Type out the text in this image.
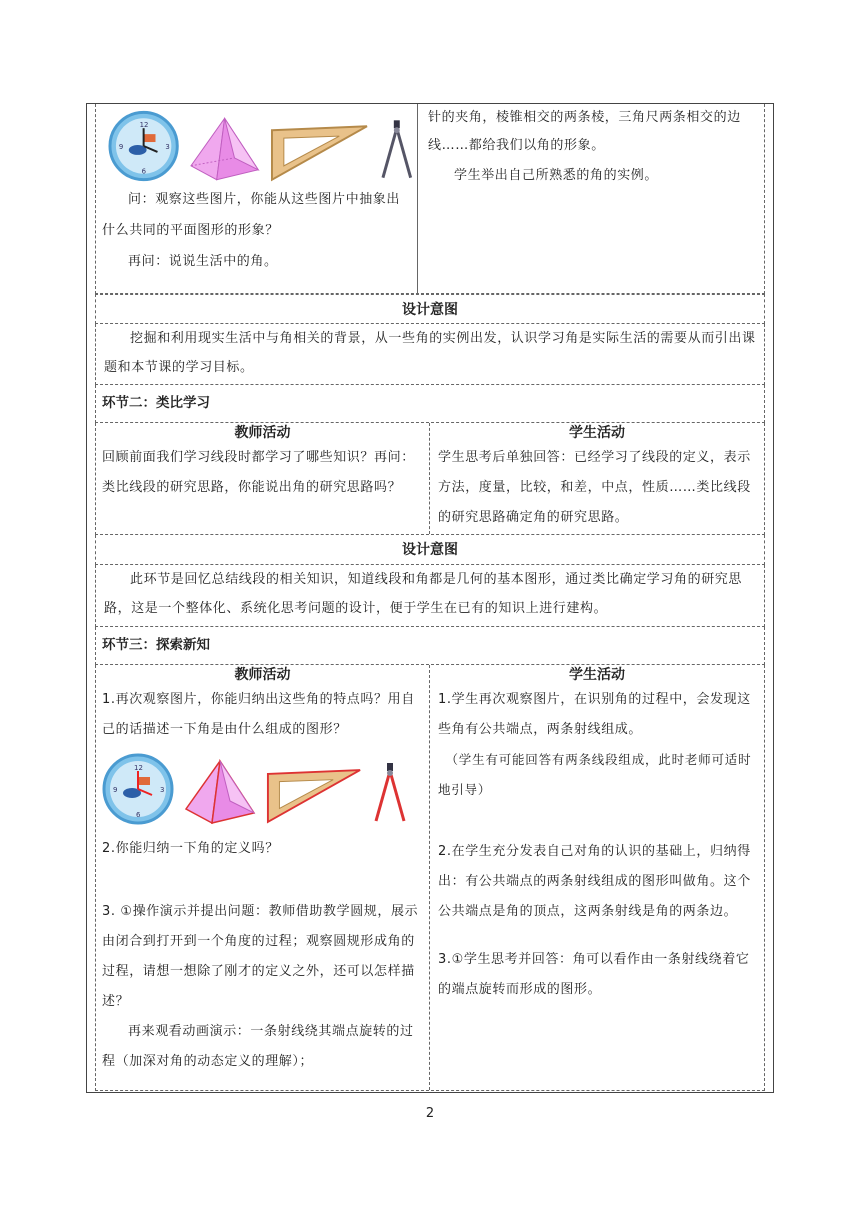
12
3
6
9
问：观察这些图片，你能从这些图片中抽象出什么共同的平面图形的形象？
再问：说说生活中的角。
针的夹角，棱锥相交的两条棱，三角尺两条相交的边线……都给我们以角的形象。
学生举出自己所熟悉的角的实例。
设计意图
挖掘和利用现实生活中与角相关的背景，从一些角的实例出发，认识学习角是实际生活的需要从而引出课题和本节课的学习目标。
环节二：类比学习
教师活动
回顾前面我们学习线段时都学习了哪些知识？再问：类比线段的研究思路，你能说出角的研究思路吗？
学生活动
学生思考后单独回答：已经学习了线段的定义，表示方法，度量，比较，和差，中点，性质……类比线段的研究思路确定角的研究思路。
设计意图
此环节是回忆总结线段的相关知识，知道线段和角都是几何的基本图形，通过类比确定学习角的研究思路，这是一个整体化、系统化思考问题的设计，便于学生在已有的知识上进行建构。
环节三：探索新知
教师活动
1.再次观察图片，你能归纳出这些角的特点吗？用自己的话描述一下角是由什么组成的图形？
12
3
6
9
2.你能归纳一下角的定义吗？
3. ①操作演示并提出问题：教师借助教学圆规，展示由闭合到打开到一个角度的过程；观察圆规形成角的过程，请想一想除了刚才的定义之外，还可以怎样描述？
再来观看动画演示：一条射线绕其端点旋转的过程（加深对角的动态定义的理解）；
学生活动
1.学生再次观察图片，在识别角的过程中，会发现这些角有公共端点，两条射线组成。
（学生有可能回答有两条线段组成，此时老师可适时地引导）
2.在学生充分发表自己对角的认识的基础上，归纳得出：有公共端点的两条射线组成的图形叫做角。这个公共端点是角的顶点，这两条射线是角的两条边。
3.①学生思考并回答：角可以看作由一条射线绕着它的端点旋转而形成的图形。
2
